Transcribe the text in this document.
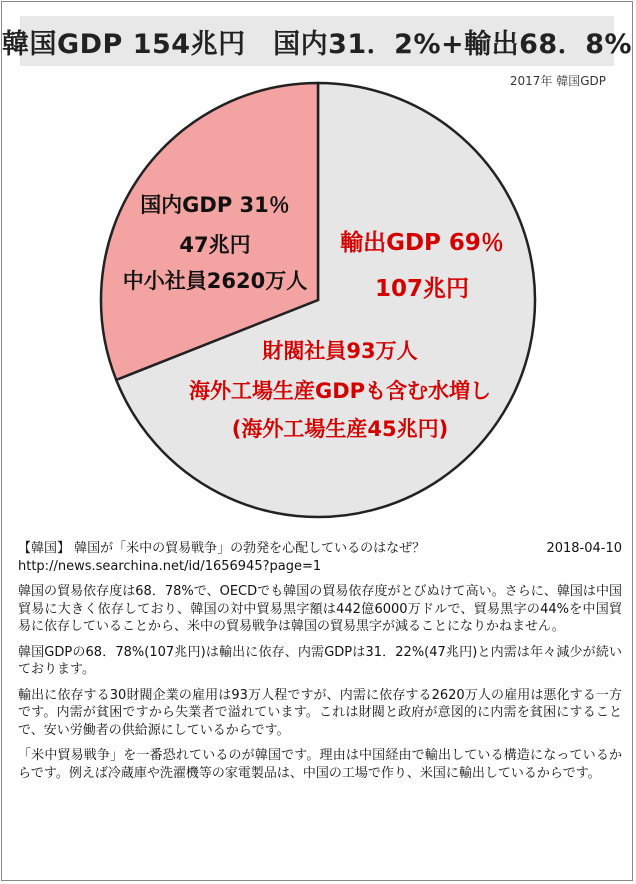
韓国GDP 154兆円　国内31．2%+輸出68．8%
2017年 韓国GDP
国内GDP 31％
47兆円
中小社員2620万人
輸出GDP 69％
107兆円
財閥社員93万人
海外工場生産GDPも含む水増し
(海外工場生産45兆円)
【韓国】 韓国が「米中の貿易戦争」の勃発を心配しているのはなぜ？	2018-04-10
http://news.searchina.net/id/1656945?page=1

韓国の貿易依存度は68．78%で、OECDでも韓国の貿易依存度がとびぬけて高い。さらに、韓国は中国貿易に大きく依存しており、韓国の対中貿易黒字額は442億6000万ドルで、貿易黒字の44%を中国貿易に依存していることから、米中の貿易戦争は韓国の貿易黒字が減ることになりかねません。

韓国GDPの68．78%(107兆円)は輸出に依存、内需GDPは31．22%(47兆円)と内需は年々減少が続いております。

輸出に依存する30財閥企業の雇用は93万人程ですが、内需に依存する2620万人の雇用は悪化する一方です。内需が貧困ですから失業者で溢れています。これは財閥と政府が意図的に内需を貧困にすることで、安い労働者の供給源にしているからです。

「米中貿易戦争」を一番恐れているのが韓国です。理由は中国経由で輸出している構造になっているからです。例えば冷蔵庫や洗濯機等の家電製品は、中国の工場で作り、米国に輸出しているからです。
